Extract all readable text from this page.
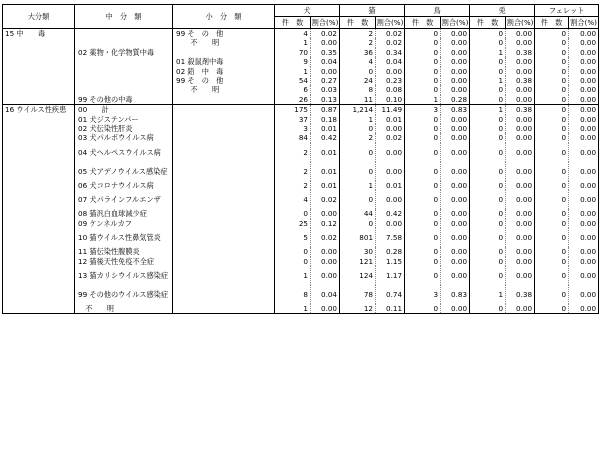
大分類	中　分　類	小　分　類	犬		猫		鳥		兎		フェレット	
			件　数	割合(%)	件　数	割合(%)	件　数	割合(%)	件　数	割合(%)	件　数	割合(%)
15 中　　毒		99 そ　の　他	4	0.02	2	0.02	0	0.00	0	0.00	0	0.00
		　　不　　明	1	0.00	2	0.02	0	0.00	0	0.00	0	0.00
	02 薬物・化学物質中毒		70	0.35	36	0.34	0	0.00	1	0.38	0	0.00
		01 殺鼠剤中毒	9	0.04	4	0.04	0	0.00	0	0.00	0	0.00
		02 鉛　中　毒	1	0.00	0	0.00	0	0.00	0	0.00	0	0.00
		99 そ　の　他	54	0.27	24	0.23	0	0.00	1	0.38	0	0.00
		　　不　　明	6	0.03	8	0.08	0	0.00	0	0.00	0	0.00
	99 その他の中毒		26	0.13	11	0.10	1	0.28	0	0.00	0	0.00
16 ウイルス性疾患	00　　計		175	0.87	1,214	11.49	3	0.83	1	0.38	0	0.00
	01 犬ジステンパー		37	0.18	1	0.01	0	0.00	0	0.00	0	0.00
	02 犬伝染性肝炎		3	0.01	0	0.00	0	0.00	0	0.00	0	0.00
	03 犬パルボウイルス病		84	0.42	2	0.02	0	0.00	0	0.00	0	0.00
	04 犬ヘルペスウイルス病		2	0.01	0	0.00	0	0.00	0	0.00	0	0.00
	05 犬アデノウイルス感染症		2	0.01	0	0.00	0	0.00	0	0.00	0	0.00
	06 犬コロナウイルス病		2	0.01	1	0.01	0	0.00	0	0.00	0	0.00
	07 犬パラインフルエンザ		4	0.02	0	0.00	0	0.00	0	0.00	0	0.00
	08 猫汎白血球減少症		0	0.00	44	0.42	0	0.00	0	0.00	0	0.00
	09 ケンネルカフ		25	0.12	0	0.00	0	0.00	0	0.00	0	0.00
	10 猫ウイルス性鼻気管炎		5	0.02	801	7.58	0	0.00	0	0.00	0	0.00
	11 猫伝染性腹膜炎		0	0.00	30	0.28	0	0.00	0	0.00	0	0.00
	12 猫後天性免疫不全症		0	0.00	121	1.15	0	0.00	0	0.00	0	0.00
	13 猫カリシウイルス感染症		1	0.00	124	1.17	0	0.00	0	0.00	0	0.00
	99 その他のウイルス感染症		8	0.04	78	0.74	3	0.83	1	0.38	0	0.00
	　不　　明		1	0.00	12	0.11	0	0.00	0	0.00	0	0.00
